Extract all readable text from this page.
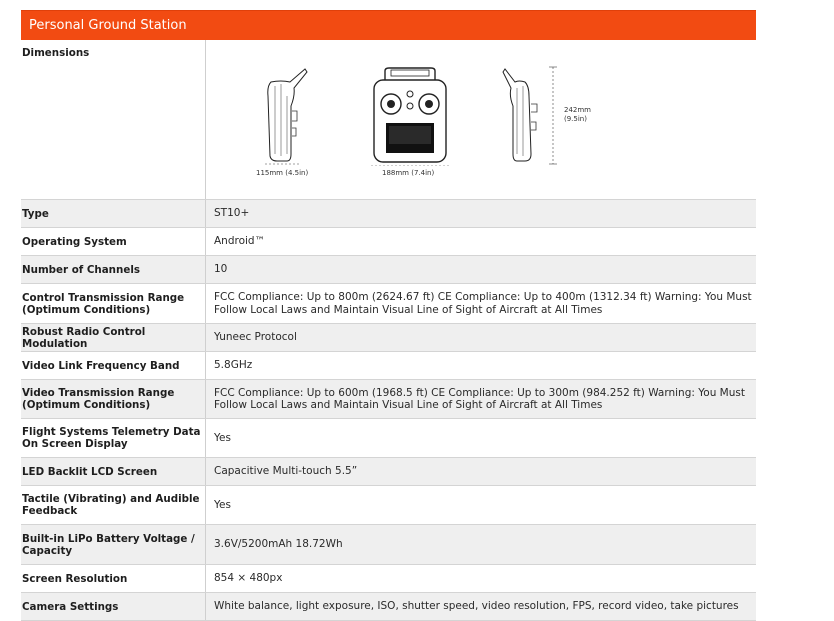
Personal Ground Station
Dimensions	115mm (4.5in) 188mm (7.4in)
242mm
(9.5in)

Type	ST10+
Operating System	Android™
Number of Channels	10
Control Transmission Range (Optimum Conditions)	FCC Compliance: Up to 800m (2624.67 ft) CE Compliance: Up to 400m (1312.34 ft) Warning: You Must Follow Local Laws and Maintain Visual Line of Sight of Aircraft at All Times
Robust Radio Control Modulation	Yuneec Protocol
Video Link Frequency Band	5.8GHz
Video Transmission Range (Optimum Conditions)	FCC Compliance: Up to 600m (1968.5 ft) CE Compliance: Up to 300m (984.252 ft) Warning: You Must Follow Local Laws and Maintain Visual Line of Sight of Aircraft at All Times
Flight Systems Telemetry Data On Screen Display	Yes
LED Backlit LCD Screen	Capacitive Multi-touch 5.5”
Tactile (Vibrating) and Audible Feedback	Yes
Built-in LiPo Battery Voltage / Capacity	3.6V/5200mAh 18.72Wh
Screen Resolution	854 × 480px
Camera Settings	White balance, light exposure, ISO, shutter speed, video resolution, FPS, record video, take pictures
